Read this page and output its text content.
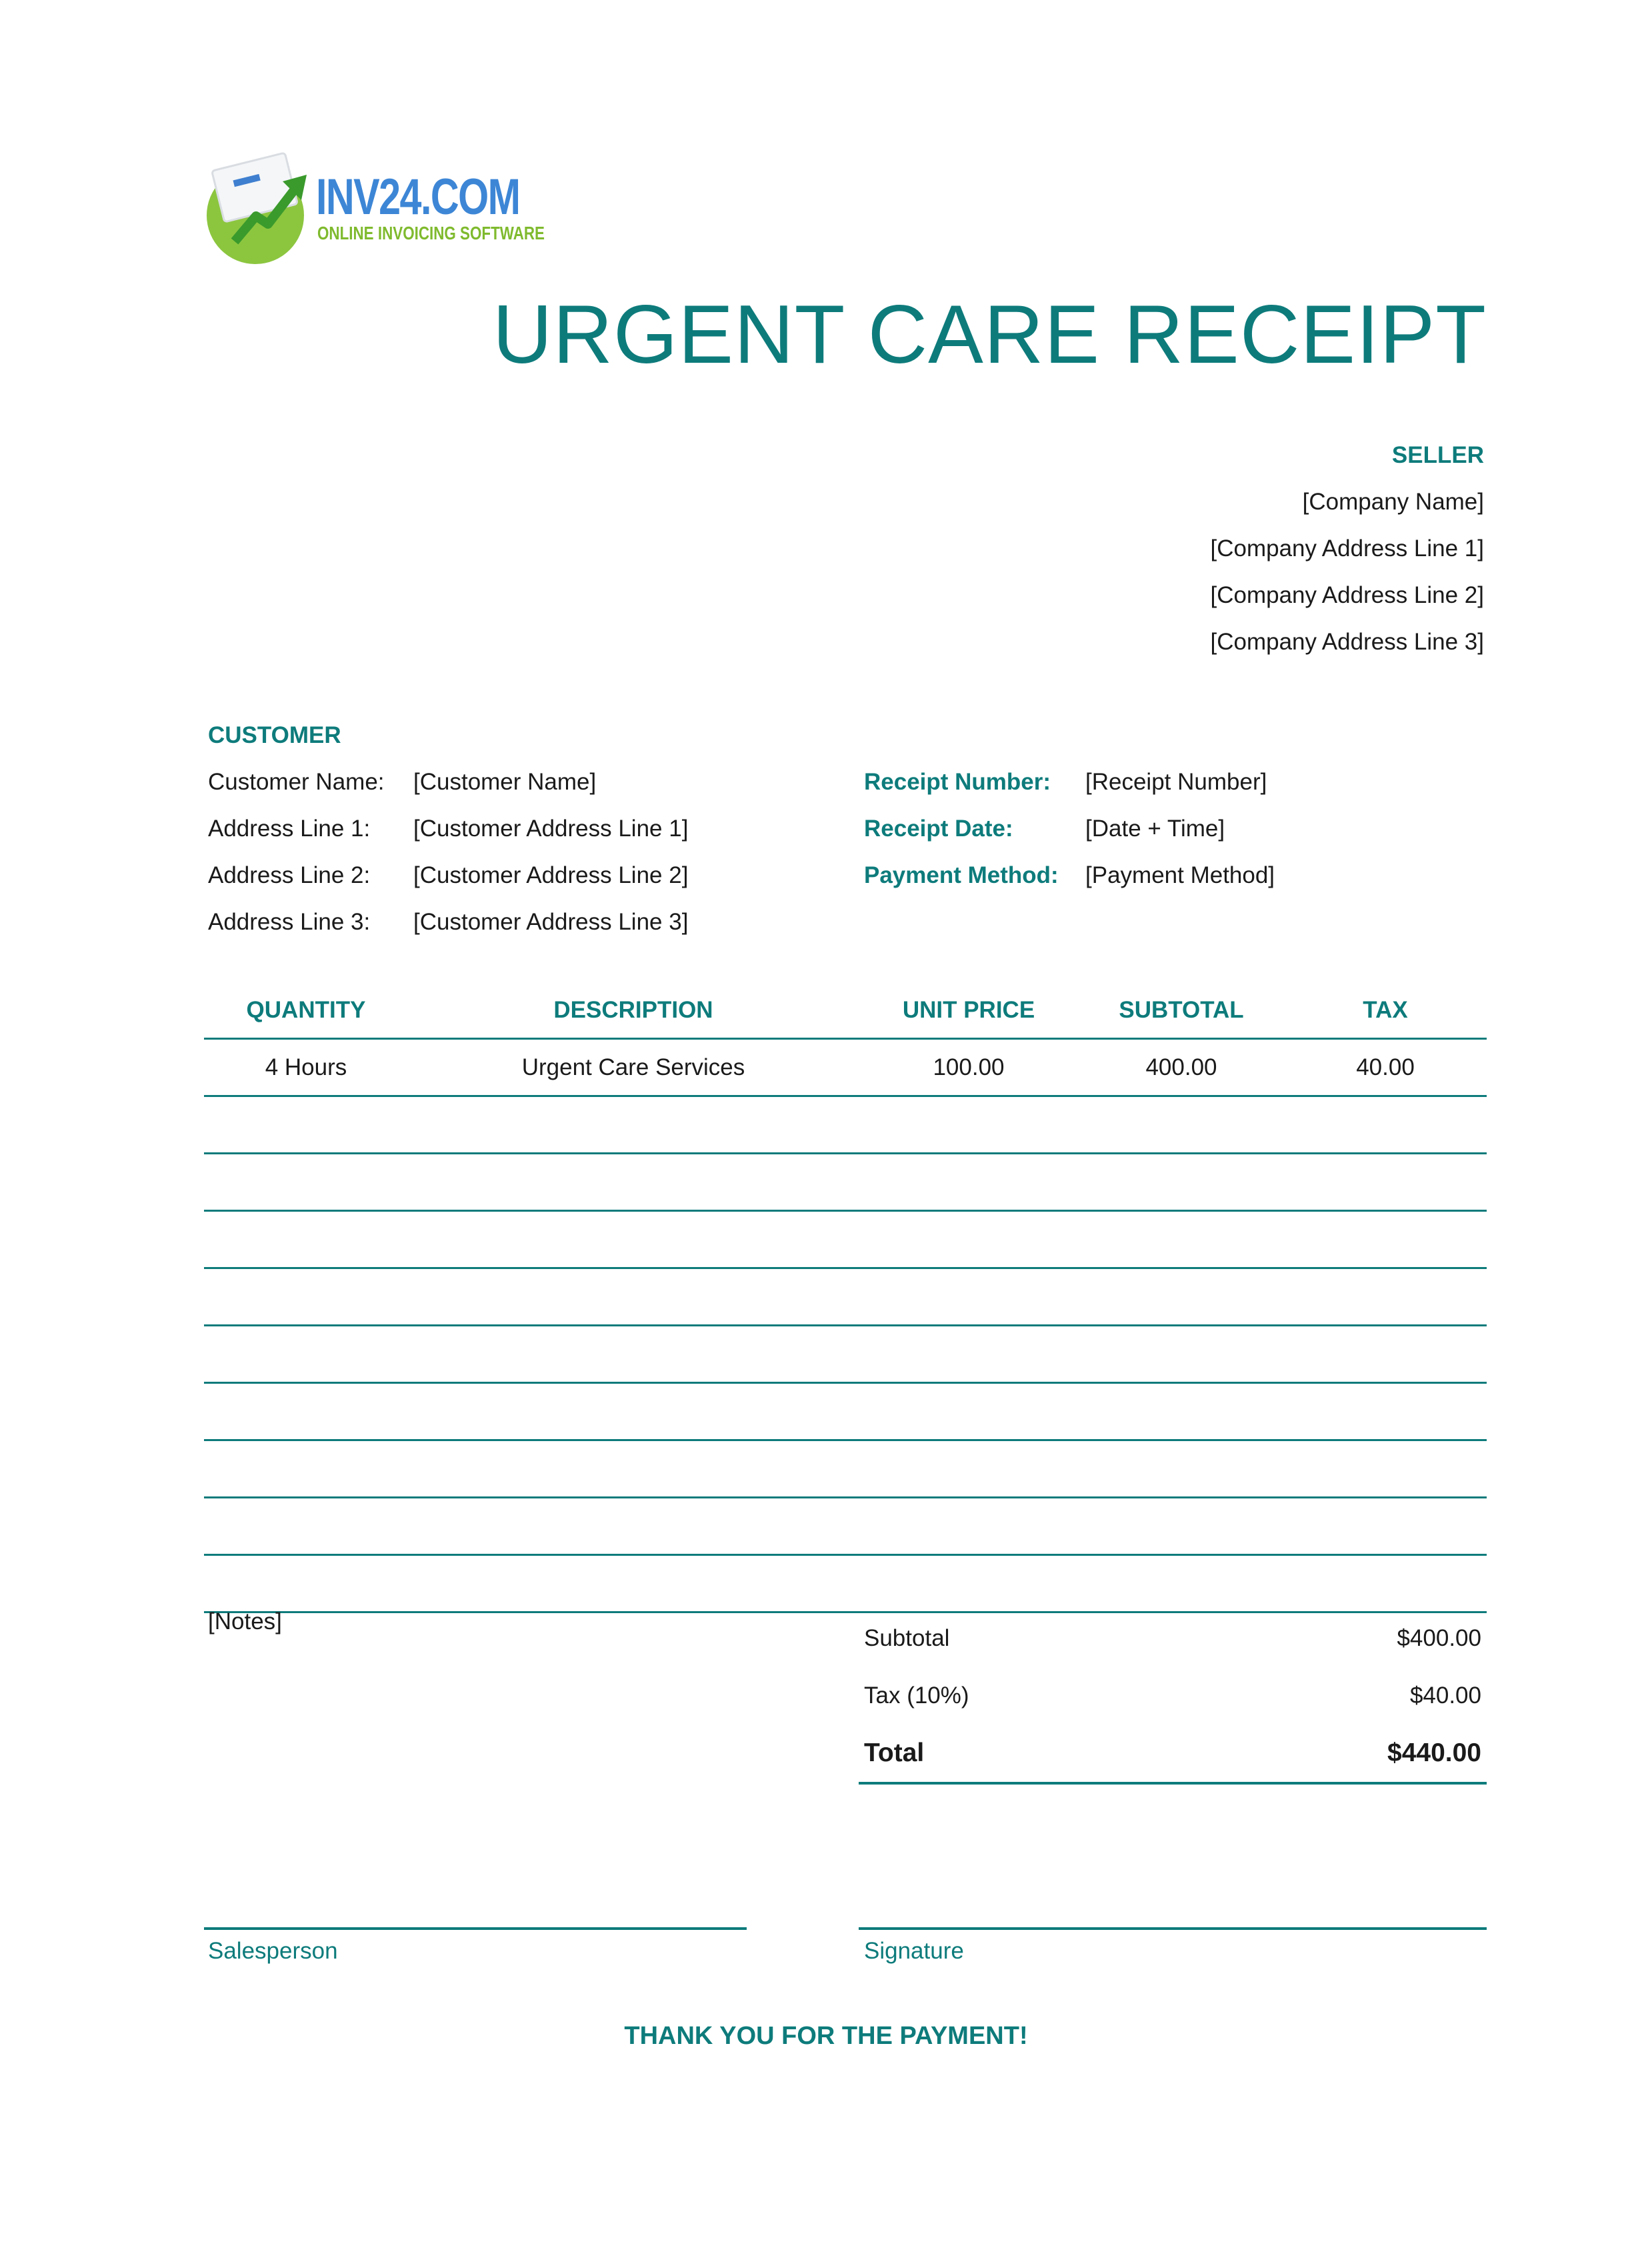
INV24.COM
ONLINE INVOICING SOFTWARE
URGENT CARE RECEIPT
SELLER
[Company Name]
[Company Address Line 1]
[Company Address Line 2]
[Company Address Line 3]
CUSTOMER
Customer Name:	[Customer Name]
Address Line 1:	[Customer Address Line 1]
Address Line 2:	[Customer Address Line 2]
Address Line 3:	[Customer Address Line 3]
Receipt Number:	[Receipt Number]
Receipt Date:	[Date + Time]
Payment Method:	[Payment Method]
QUANTITY	DESCRIPTION	UNIT PRICE	SUBTOTAL	TAX
4 Hours	Urgent Care Services	100.00	400.00	40.00
[Notes]
Subtotal	$400.00
Tax (10%)	$40.00
Total	$440.00
Salesperson	Signature
THANK YOU FOR THE PAYMENT!
